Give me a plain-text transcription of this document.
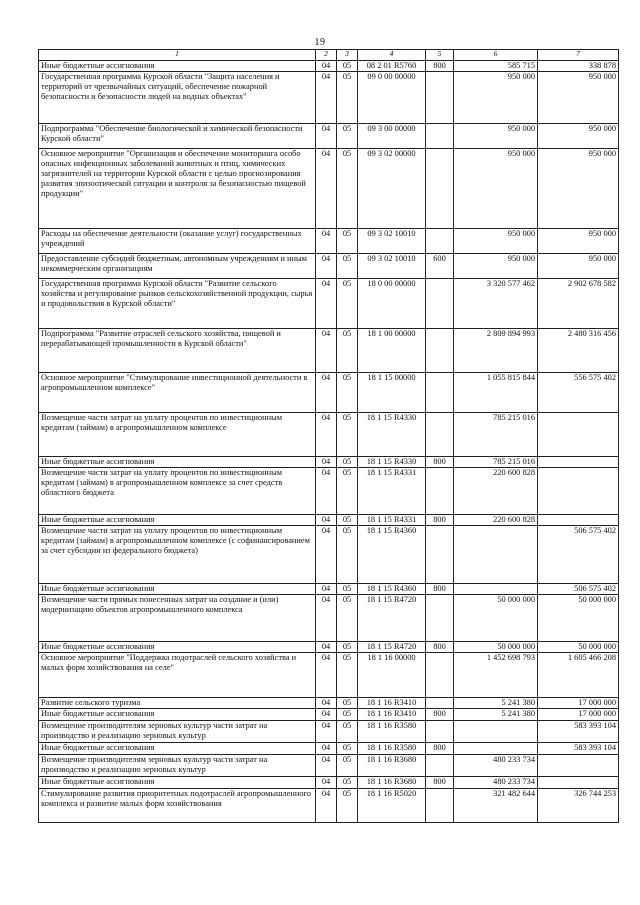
19
1	2	3	4	5	6	7
Иные бюджетные ассигнования	04	05	08 2 01 R5760	800	585 715	338 878
Государственная программа Курской области "Защита населения и территорий от чрезвычайных ситуаций, обеспечение пожарной безопасности и безопасности людей на водных объектах"	04	05	09 0 00 00000		950 000	950 000
Подпрограмма "Обеспечение биологической и химической безопасности Курской области"	04	05	09 3 00 00000		950 000	950 000
Основное мероприятие "Организация и обеспечение мониторинга особо опасных инфекционных заболеваний животных и птиц, химических загрязнителей на территории Курской области с целью прогнозирования развития эпизоотической ситуации и контроля за безопасностью пищевой продукции"	04	05	09 3 02 00000		950 000	950 000
Расходы на обеспечение деятельности (оказание услуг) государственных учреждений	04	05	09 3 02 10010		950 000	950 000
Предоставление субсидий бюджетным, автономным учреждениям и иным некоммерческим организациям	04	05	09 3 02 10010	600	950 000	950 000
Государственная программа Курской области "Развитие сельского хозяйства и регулирование рынков сельскохозяйственной продукции, сырья и продовольствия в Курской области"	04	05	18 0 00 00000		3 320 577 462	2 902 678 582
Подпрограмма "Развитие отраслей сельского хозяйства, пищевой и перерабатывающей промышленности в Курской области"	04	05	18 1 00 00000		2 809 894 993	2 480 316 456
Основное мероприятие "Стимулирование инвестиционной деятельности в агропромышленном комплексе"	04	05	18 1 15 00000		1 055 815 844	556 575 402
Возмещение части затрат на уплату процентов по инвестиционным кредитам (займам) в агропромышленном комплексе	04	05	18 1 15 R4330		785 215 016	
Иные бюджетные ассигнования	04	05	18 1 15 R4330	800	785 215 016	
Возмещение части затрат на уплату процентов по инвестиционным кредитам (займам) в агропромышленном комплексе за счет средств областного бюджета	04	05	18 1 15 R4331		220 600 828	
Иные бюджетные ассигнования	04	05	18 1 15 R4331	800	220 600 828	
Возмещение части затрат на уплату процентов по инвестиционным кредитам (займам) в агропромышленном комплексе (с софинансированием за счет субсидии из федерального бюджета)	04	05	18 1 15 R4360			506 575 402
Иные бюджетные ассигнования	04	05	18 1 15 R4360	800		506 575 402
Возмещение части прямых понесенных затрат на создание и (или) модернизацию объектов агропромышленного комплекса	04	05	18 1 15 R4720		50 000 000	50 000 000
Иные бюджетные ассигнования	04	05	18 1 15 R4720	800	50 000 000	50 000 000
Основное мероприятие "Поддержка подотраслей сельского хозяйства и малых форм хозяйствования на селе"	04	05	18 1 16 00000		1 452 698 793	1 605 466 208
Развитие сельского туризма	04	05	18 1 16 R3410		5 241 380	17 000 000
Иные бюджетные ассигнования	04	05	18 1 16 R3410	800	5 241 380	17 000 000
Возмещение производителям зерновых культур части затрат на производство и реализацию зерновых культур	04	05	18 1 16 R3580			583 393 104
Иные бюджетные ассигнования	04	05	18 1 16 R3580	800		583 393 104
Возмещение производителям зерновых культур части затрат на производство и реализацию зерновых культур	04	05	18 1 16 R3680		480 233 734	
Иные бюджетные ассигнования	04	05	18 1 16 R3680	800	480 233 734	
Стимулирование развития приоритетных подотраслей агропромышленного комплекса и развитие малых форм хозяйствования	04	05	18 1 16 R5020		321 482 644	326 744 253
